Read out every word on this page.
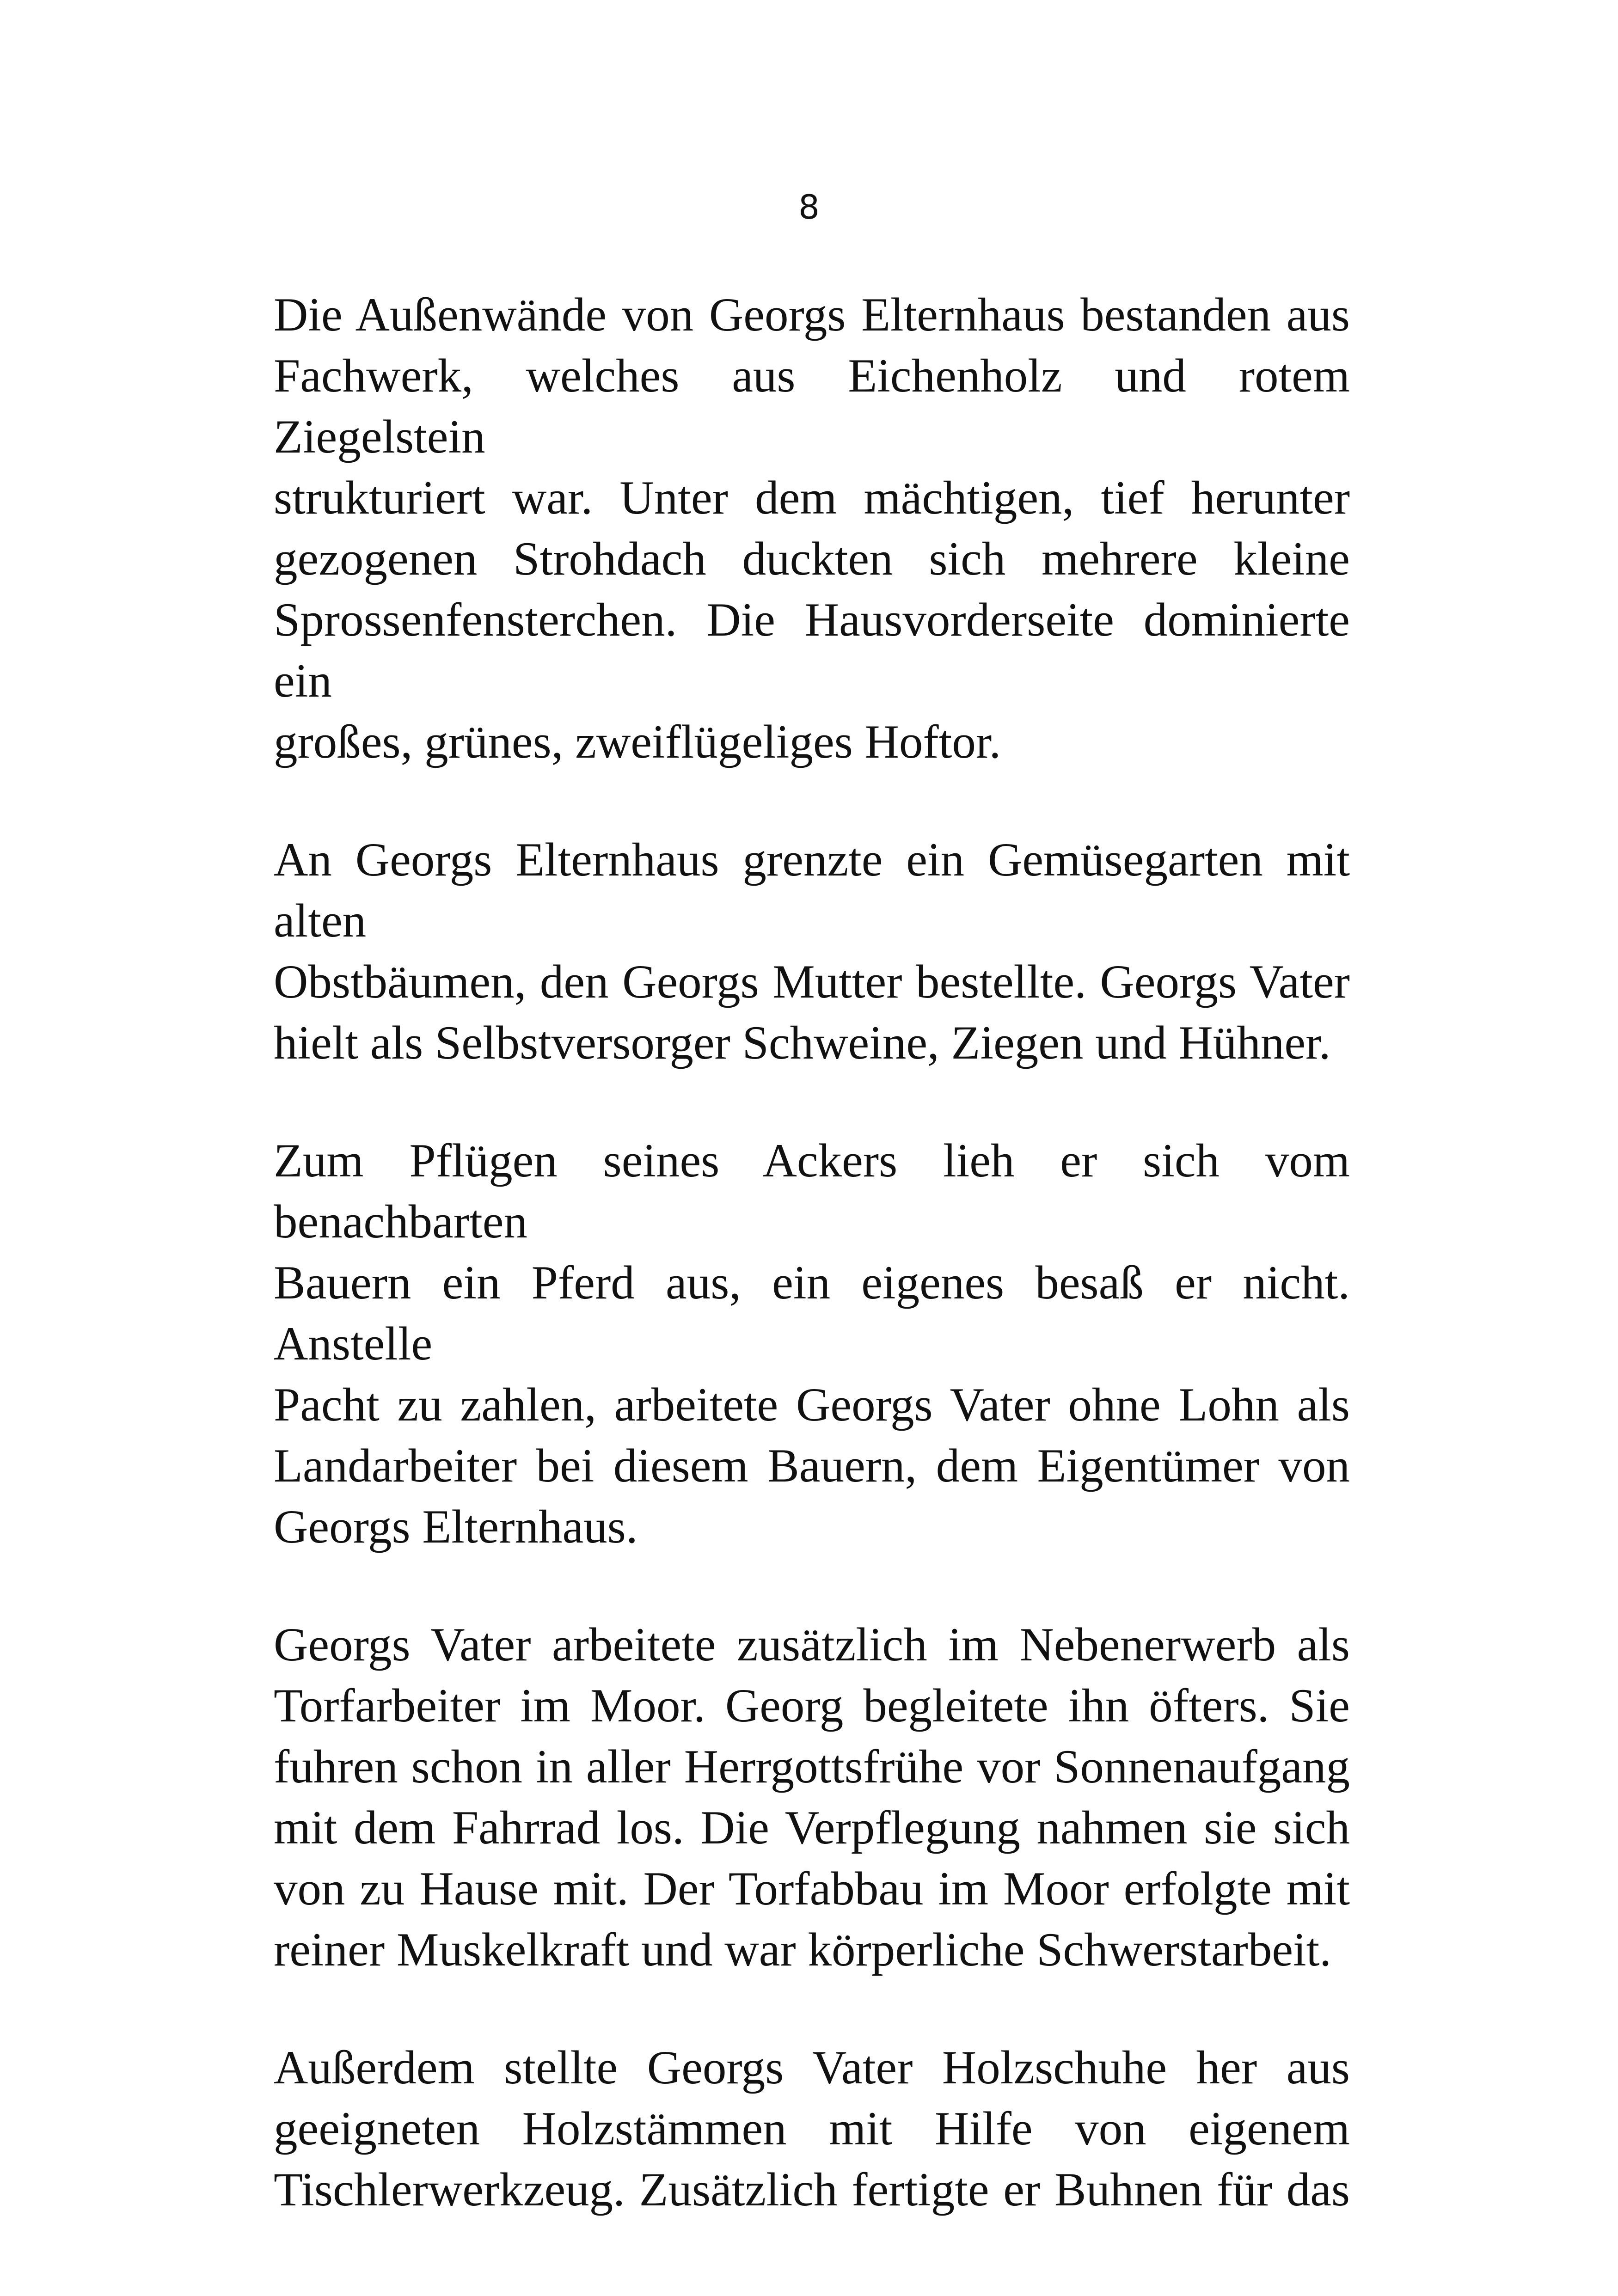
8

Die Außenwände von Georgs Elternhaus bestanden aus
Fachwerk, welches aus Eichenholz und rotem Ziegelstein
strukturiert war. Unter dem mächtigen, tief herunter
gezogenen Strohdach duckten sich mehrere kleine
Sprossenfensterchen. Die Hausvorderseite dominierte ein
großes, grünes, zweiflügeliges Hoftor.

An Georgs Elternhaus grenzte ein Gemüsegarten mit alten
Obstbäumen, den Georgs Mutter bestellte. Georgs Vater
hielt als Selbstversorger Schweine, Ziegen und Hühner.

Zum Pflügen seines Ackers lieh er sich vom benachbarten
Bauern ein Pferd aus, ein eigenes besaß er nicht. Anstelle
Pacht zu zahlen, arbeitete Georgs Vater ohne Lohn als
Landarbeiter bei diesem Bauern, dem Eigentümer von
Georgs Elternhaus.

Georgs Vater arbeitete zusätzlich im Nebenerwerb als
Torfarbeiter im Moor. Georg begleitete ihn öfters. Sie
fuhren schon in aller Herrgottsfrühe vor Sonnenaufgang
mit dem Fahrrad los. Die Verpflegung nahmen sie sich
von zu Hause mit. Der Torfabbau im Moor erfolgte mit
reiner Muskelkraft und war körperliche Schwerstarbeit.

Außerdem stellte Georgs Vater Holzschuhe her aus
geeigneten Holzstämmen mit Hilfe von eigenem
Tischlerwerkzeug. Zusätzlich fertigte er Buhnen für das
